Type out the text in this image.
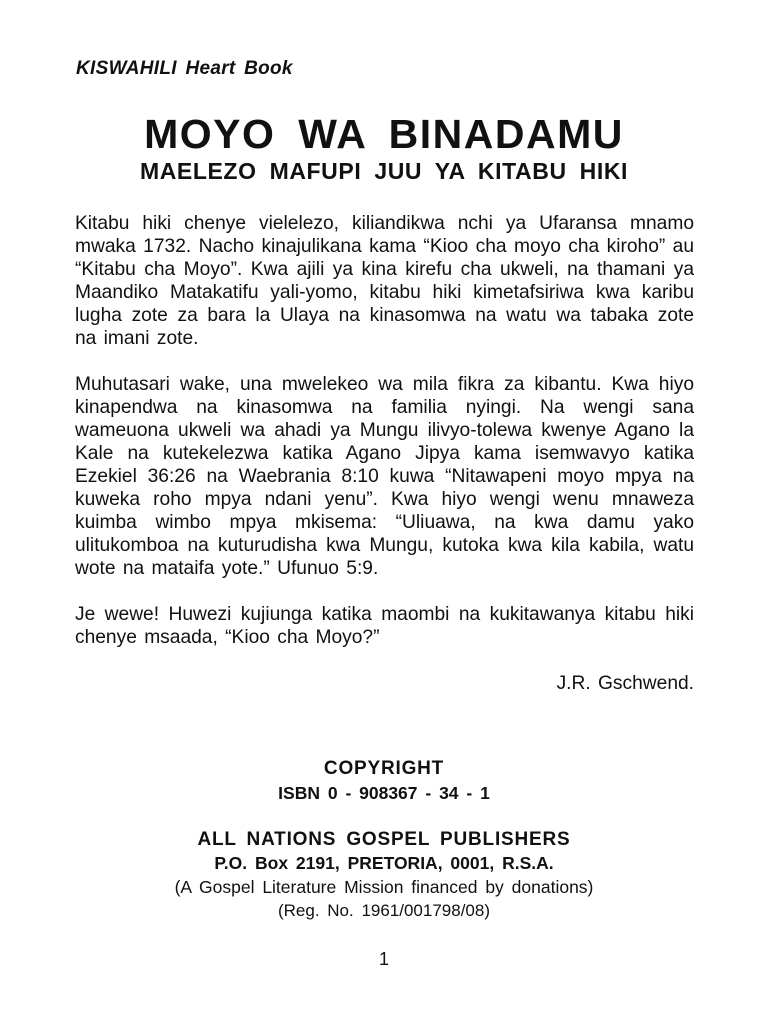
KISWAHILI Heart Book
MOYO WA BINADAMU
MAELEZO MAFUPI JUU YA KITABU HIKI

Kitabu hiki chenye vielelezo, kiliandikwa nchi ya Ufaransa mnamo mwaka 1732. Nacho kinajulikana kama “Kioo cha moyo cha kiroho” au “Kitabu cha Moyo”. Kwa ajili ya kina kirefu cha ukweli, na thamani ya Maandiko Matakatifu yali-yomo, kitabu hiki kimetafsiriwa kwa karibu lugha zote za bara la Ulaya na kinasomwa na watu wa tabaka zote na imani zote.

Muhutasari wake, una mwelekeo wa mila fikra za kibantu. Kwa hiyo kinapendwa na kinasomwa na familia nyingi. Na wengi sana wameuona ukweli wa ahadi ya Mungu ilivyo-tolewa kwenye Agano la Kale na kutekelezwa katika Agano Jipya kama isemwavyo katika Ezekiel 36:26 na Waebrania 8:10 kuwa “Nitawapeni moyo mpya na kuweka roho mpya ndani yenu”. Kwa hiyo wengi wenu mnaweza kuimba wimbo mpya mkisema: “Uliuawa, na kwa damu yako ulitukomboa na kuturudisha kwa Mungu, kutoka kwa kila kabila, watu wote na mataifa yote.” Ufunuo 5:9.

Je wewe! Huwezi kujiunga katika maombi na kukitawanya kitabu hiki chenye msaada, “Kioo cha Moyo?”

J.R. Gschwend.

COPYRIGHT
ISBN 0 - 908367 - 34 - 1
ALL NATIONS GOSPEL PUBLISHERS
P.O. Box 2191, PRETORIA, 0001, R.S.A.
(A Gospel Literature Mission financed by donations)
(Reg. No. 1961/001798/08)
1
